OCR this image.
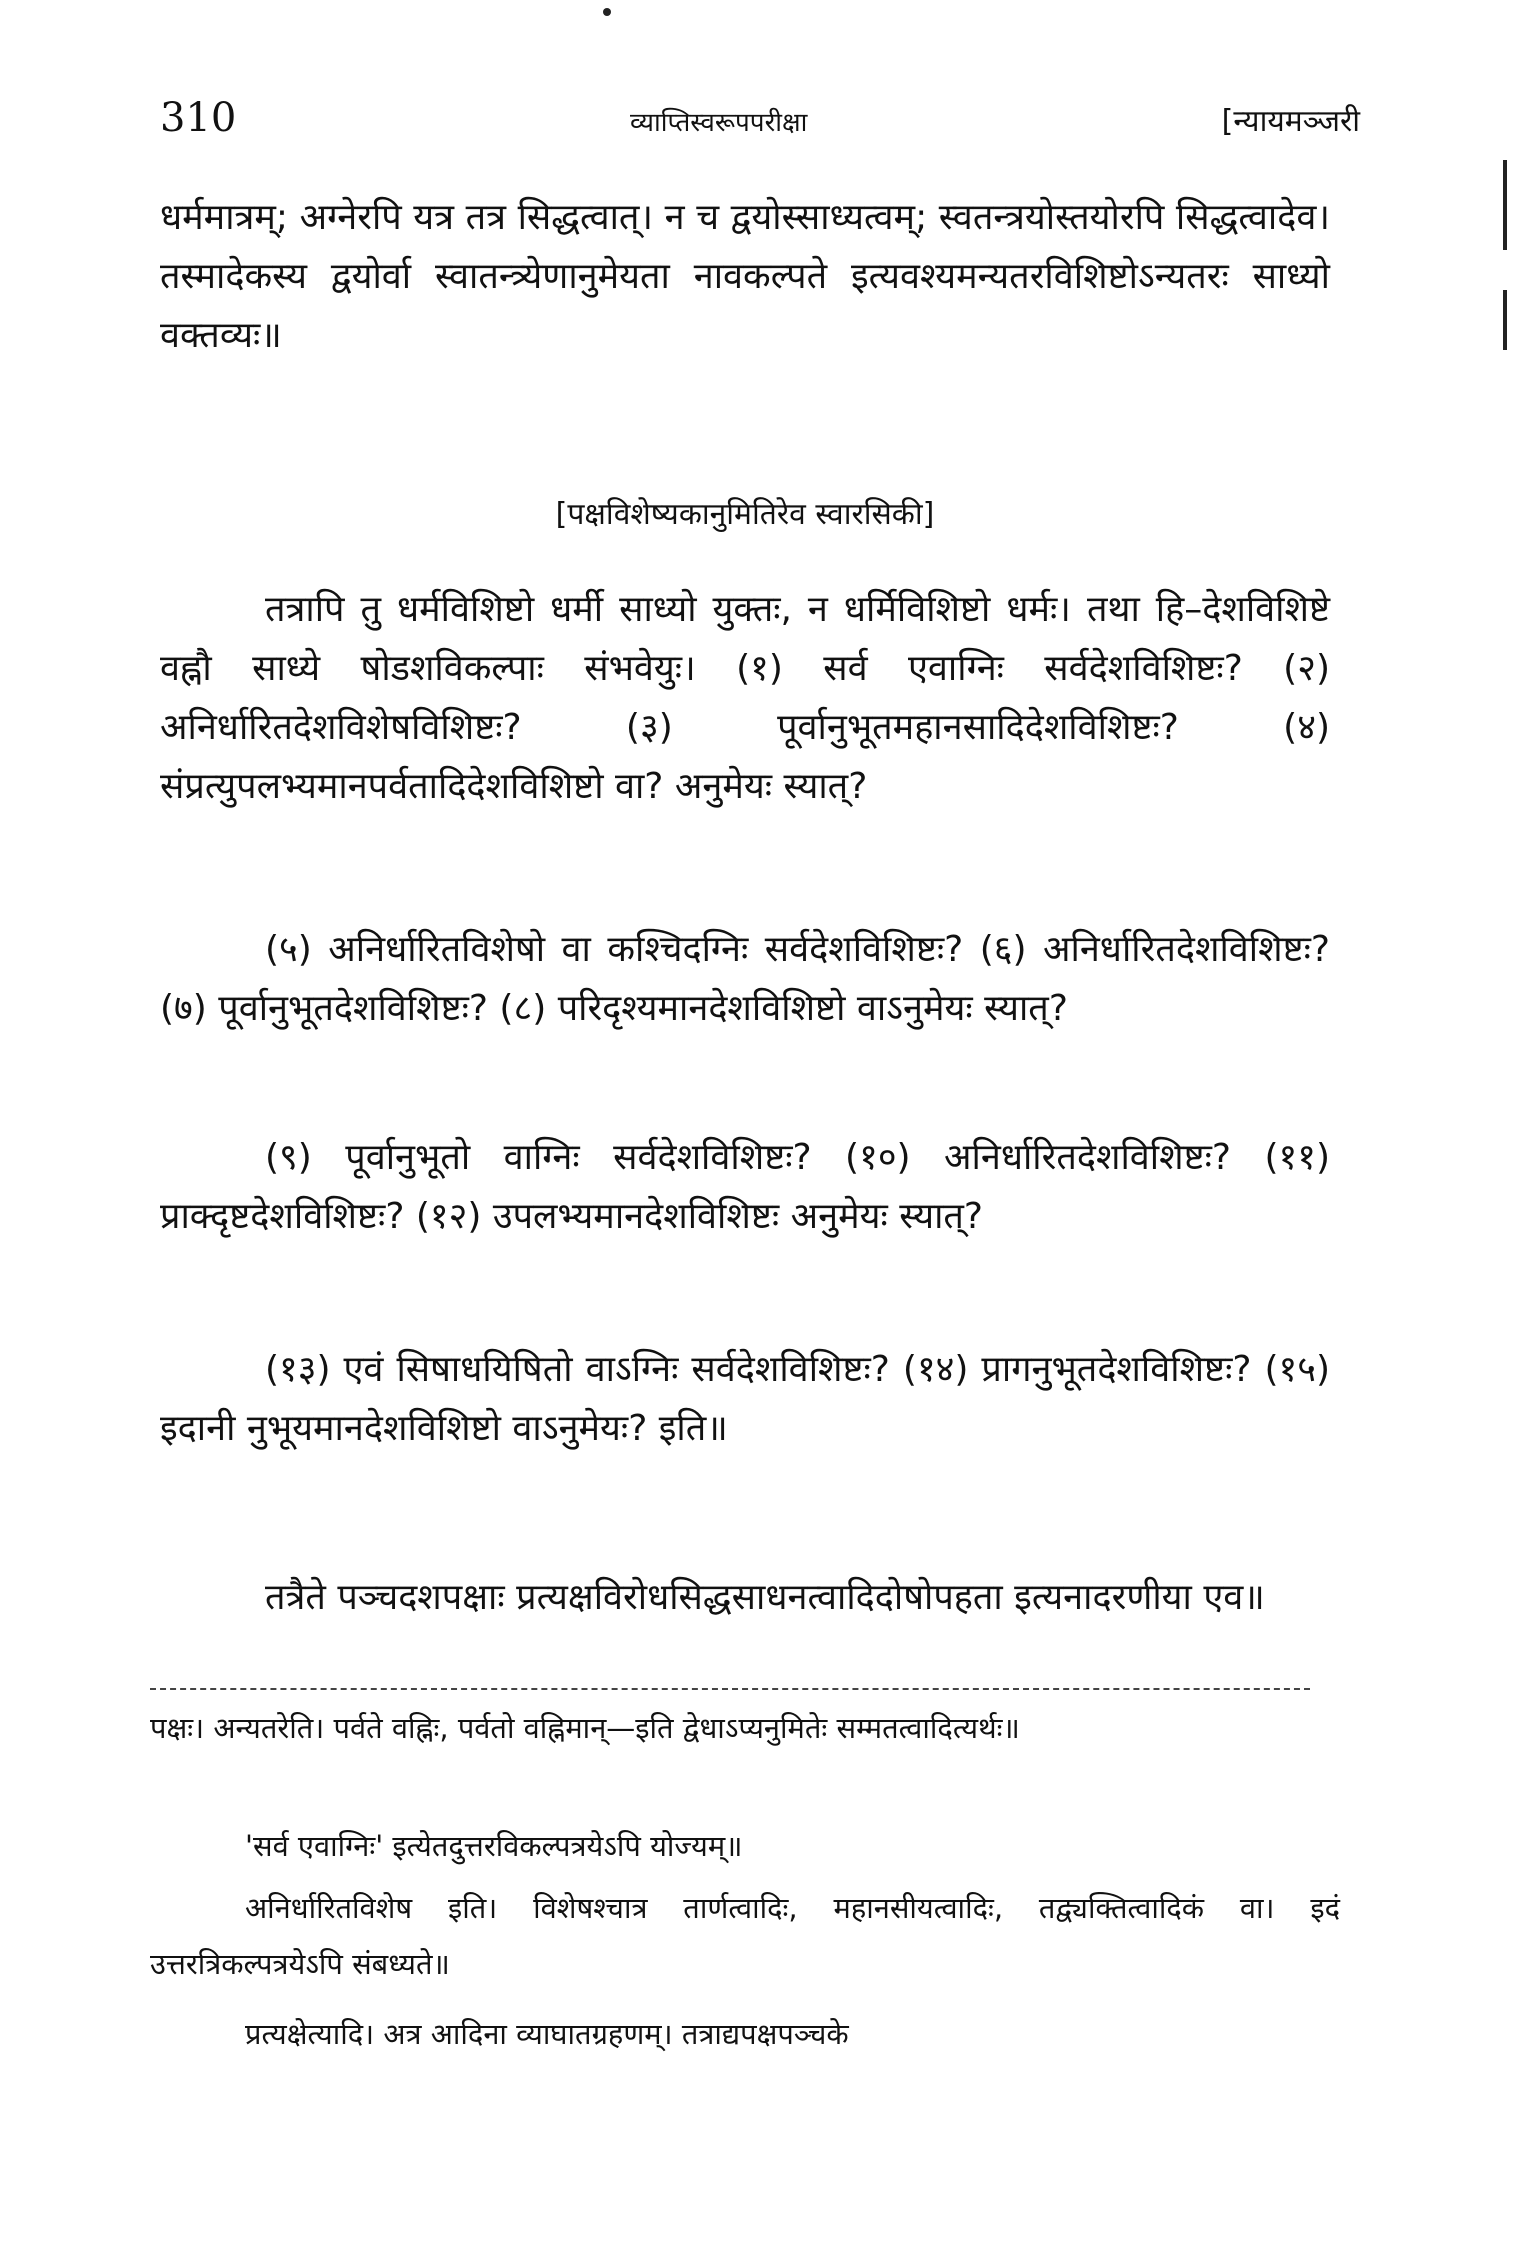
310	व्याप्तिस्वरूपपरीक्षा	[न्यायमञ्जरी
धर्ममात्रम्; अग्नेरपि यत्र तत्र सिद्धत्वात्। न च द्वयोस्साध्यत्वम्; स्वतन्त्रयोस्तयोरपि सिद्धत्वादेव। तस्मादेकस्य द्वयोर्वा स्वातन्त्र्येणानुमेयता नावकल्पते इत्यवश्यमन्यतरविशिष्टोऽन्यतरः साध्यो वक्तव्यः॥
[पक्षविशेष्यकानुमितिरेव स्वारसिकी]
तत्रापि तु धर्मविशिष्टो धर्मी साध्यो युक्तः, न धर्मिविशिष्टो धर्मः। तथा हि–देशविशिष्टे वह्नौ साध्ये षोडशविकल्पाः संभवेयुः। (१) सर्व एवाग्निः सर्वदेशविशिष्टः? (२) अनिर्धारितदेशविशेषविशिष्टः? (३) पूर्वानुभूतमहानसादिदेशविशिष्टः? (४) संप्रत्युपलभ्यमानपर्वतादिदेशविशिष्टो वा? अनुमेयः स्यात्?
(५) अनिर्धारितविशेषो वा कश्चिदग्निः सर्वदेशविशिष्टः? (६) अनिर्धारितदेशविशिष्टः? (७) पूर्वानुभूतदेशविशिष्टः? (८) परिदृश्यमानदेशविशिष्टो वाऽनुमेयः स्यात्?
(९) पूर्वानुभूतो वाग्निः सर्वदेशविशिष्टः? (१०) अनिर्धारितदेशविशिष्टः? (११) प्राक्दृष्टदेशविशिष्टः? (१२) उपलभ्यमानदेशविशिष्टः अनुमेयः स्यात्?
(१३) एवं सिषाधयिषितो वाऽग्निः सर्वदेशविशिष्टः? (१४) प्रागनुभूतदेशविशिष्टः? (१५) इदानी नुभूयमानदेशविशिष्टो वाऽनुमेयः? इति॥
तत्रैते पञ्चदशपक्षाः प्रत्यक्षविरोधसिद्धसाधनत्वादिदोषोपहता इत्यनादरणीया एव॥
पक्षः। अन्यतरेति। पर्वते वह्निः, पर्वतो वह्निमान्—इति द्वेधाऽप्यनुमितेः सम्मतत्वादित्यर्थः॥
'सर्व एवाग्निः' इत्येतदुत्तरविकल्पत्रयेऽपि योज्यम्॥
अनिर्धारितविशेष इति। विशेषश्चात्र तार्णत्वादिः, महानसीयत्वादिः, तद्व्यक्तित्वादिकं वा। इदं उत्तरत्रिकल्पत्रयेऽपि संबध्यते॥
प्रत्यक्षेत्यादि। अत्र आदिना व्याघातग्रहणम्। तत्राद्यपक्षपञ्चके
